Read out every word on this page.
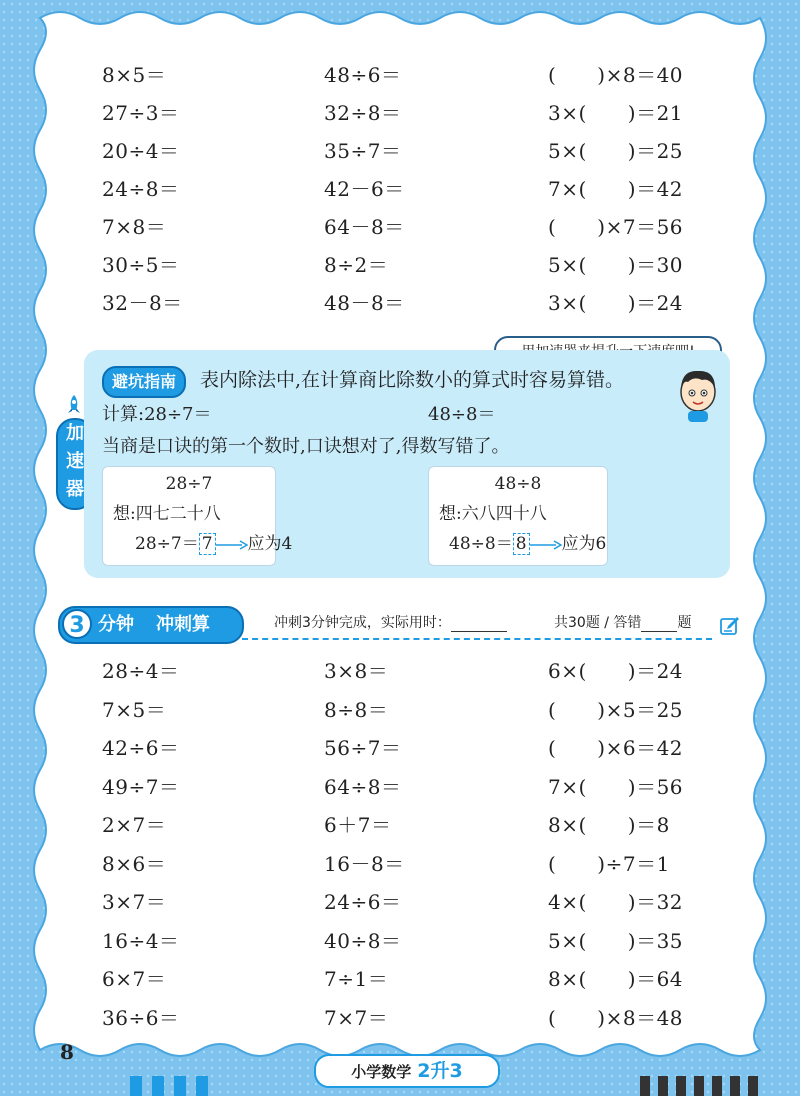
8×5＝	48÷6＝	(　　)×8＝40
27÷3＝	32÷8＝	3×(　　)＝21
20÷4＝	35÷7＝	5×(　　)＝25
24÷8＝	42－6＝	7×(　　)＝42
7×8＝	64－8＝	(　　)×7＝56
30÷5＝	8÷2＝	5×(　　)＝30
32－8＝	48－8＝	3×(　　)＝24
加
速
器
避坑指南	表内除法中,在计算商比除数小的算式时容易算错。
计算:28÷7＝	48÷8＝
当商是口诀的第一个数时,口诀想对了,得数写错了。
28÷7
想:四七二十八
28÷7＝ 7 应为4
48÷8
想:六八四十八
48÷8＝ 8 应为6
3 分钟 冲刺算	冲刺3分钟完成，实际用时：	共30题 / 答错	题
28÷4＝	3×8＝	6×(　　)＝24
7×5＝	8÷8＝	(　　)×5＝25
42÷6＝	56÷7＝	(　　)×6＝42
49÷7＝	64÷8＝	7×(　　)＝56
2×7＝	6＋7＝	8×(　　)＝8
8×6＝	16－8＝	(　　)÷7＝1
3×7＝	24÷6＝	4×(　　)＝32
16÷4＝	40÷8＝	5×(　　)＝35
6×7＝	7÷1＝	8×(　　)＝64
36÷6＝	7×7＝	(　　)×8＝48
8
小学数学 2升3
